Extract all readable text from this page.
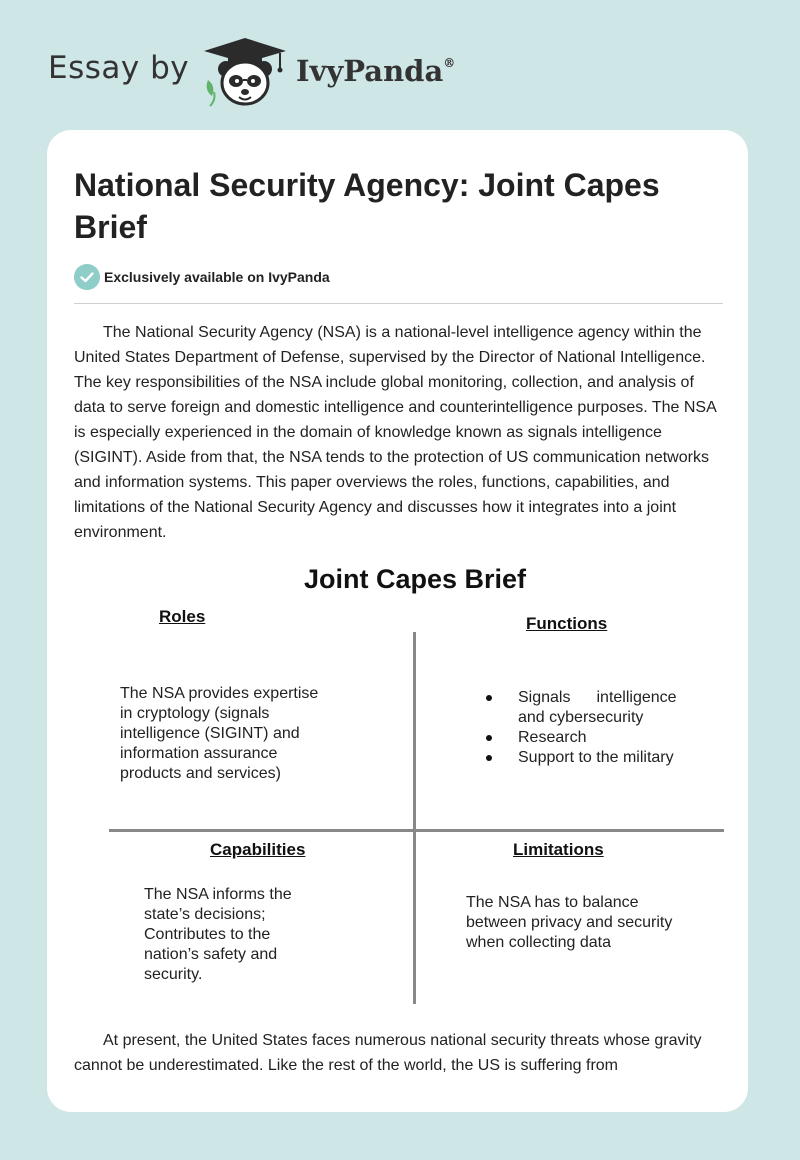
Essay by	IvyPanda®
National Security Agency: Joint Capes Brief
Exclusively available on IvyPanda

The National Security Agency (NSA) is a national-level intelligence agency within the United States Department of Defense, supervised by the Director of National Intelligence. The key responsibilities of the NSA include global monitoring, collection, and analysis of data to serve foreign and domestic intelligence and counterintelligence purposes. The NSA is especially experienced in the domain of knowledge known as signals intelligence (SIGINT). Aside from that, the NSA tends to the protection of US communication networks and information systems. This paper overviews the roles, functions, capabilities, and limitations of the National Security Agency and discusses how it integrates into a joint environment.

Joint Capes Brief
Roles

The NSA provides expertise in cryptology (signals intelligence (SIGINT) and information assurance products and services)

Functions
Signals intelligence and cybersecurity
Research
Support to the military
Capabilities

The NSA informs the state’s decisions; Contributes to the nation’s safety and security.

Limitations

The NSA has to balance between privacy and security when collecting data

At present, the United States faces numerous national security threats whose gravity cannot be underestimated. Like the rest of the world, the US is suffering from
